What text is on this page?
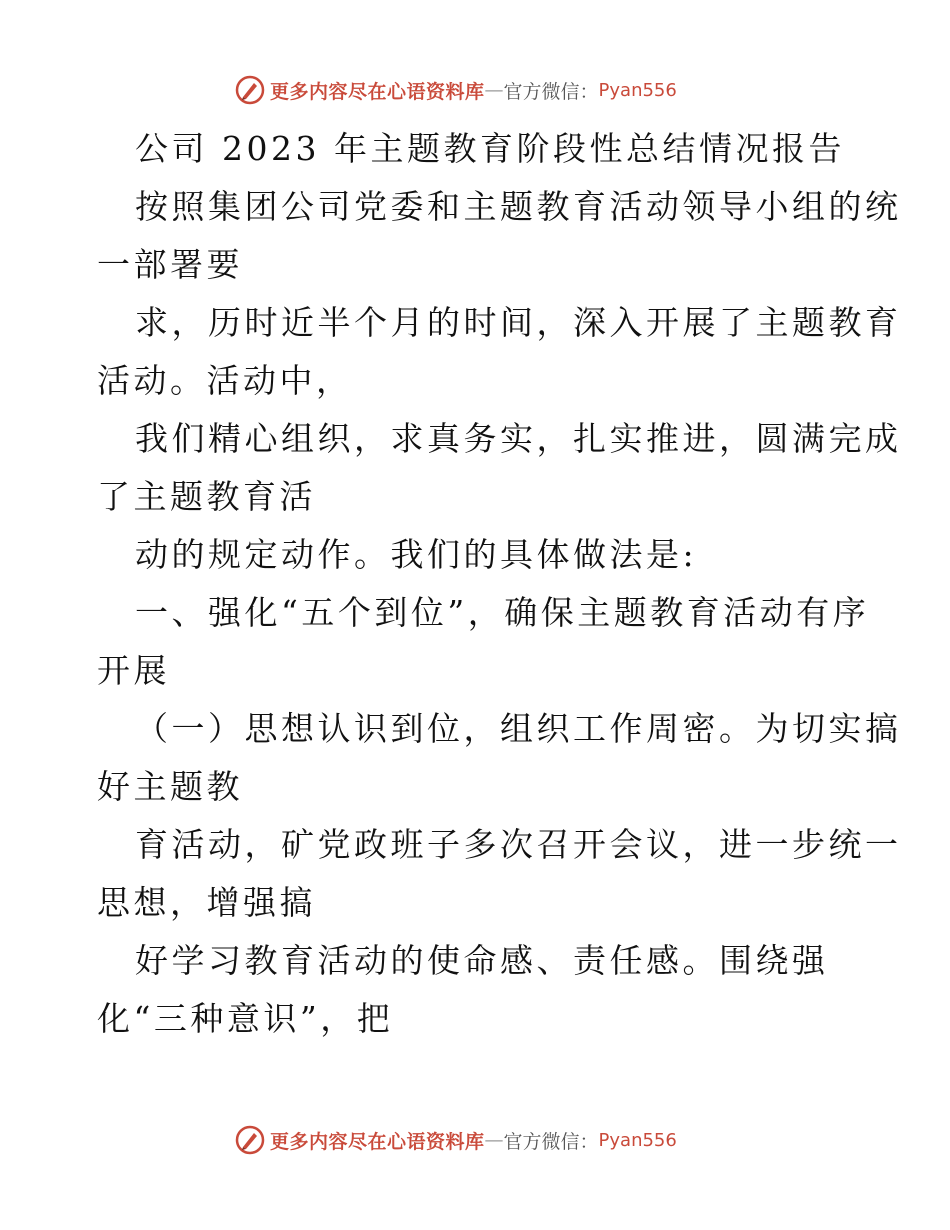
更多内容尽在心语资料库 — 官方微信： Pyan556
公司 2023 年主题教育阶段性总结情况报告
按照集团公司党委和主题教育活动领导小组的统
一部署要
求，历时近半个月的时间，深入开展了主题教育
活动。活动中，
我们精心组织，求真务实，扎实推进，圆满完成
了主题教育活
动的规定动作。我们的具体做法是:
一、强化“五个到位”，确保主题教育活动有序
开展
（一）思想认识到位，组织工作周密。为切实搞
好主题教
育活动，矿党政班子多次召开会议，进一步统一
思想，增强搞
好学习教育活动的使命感、责任感。围绕强
化“三种意识”，把
更多内容尽在心语资料库 — 官方微信： Pyan556
